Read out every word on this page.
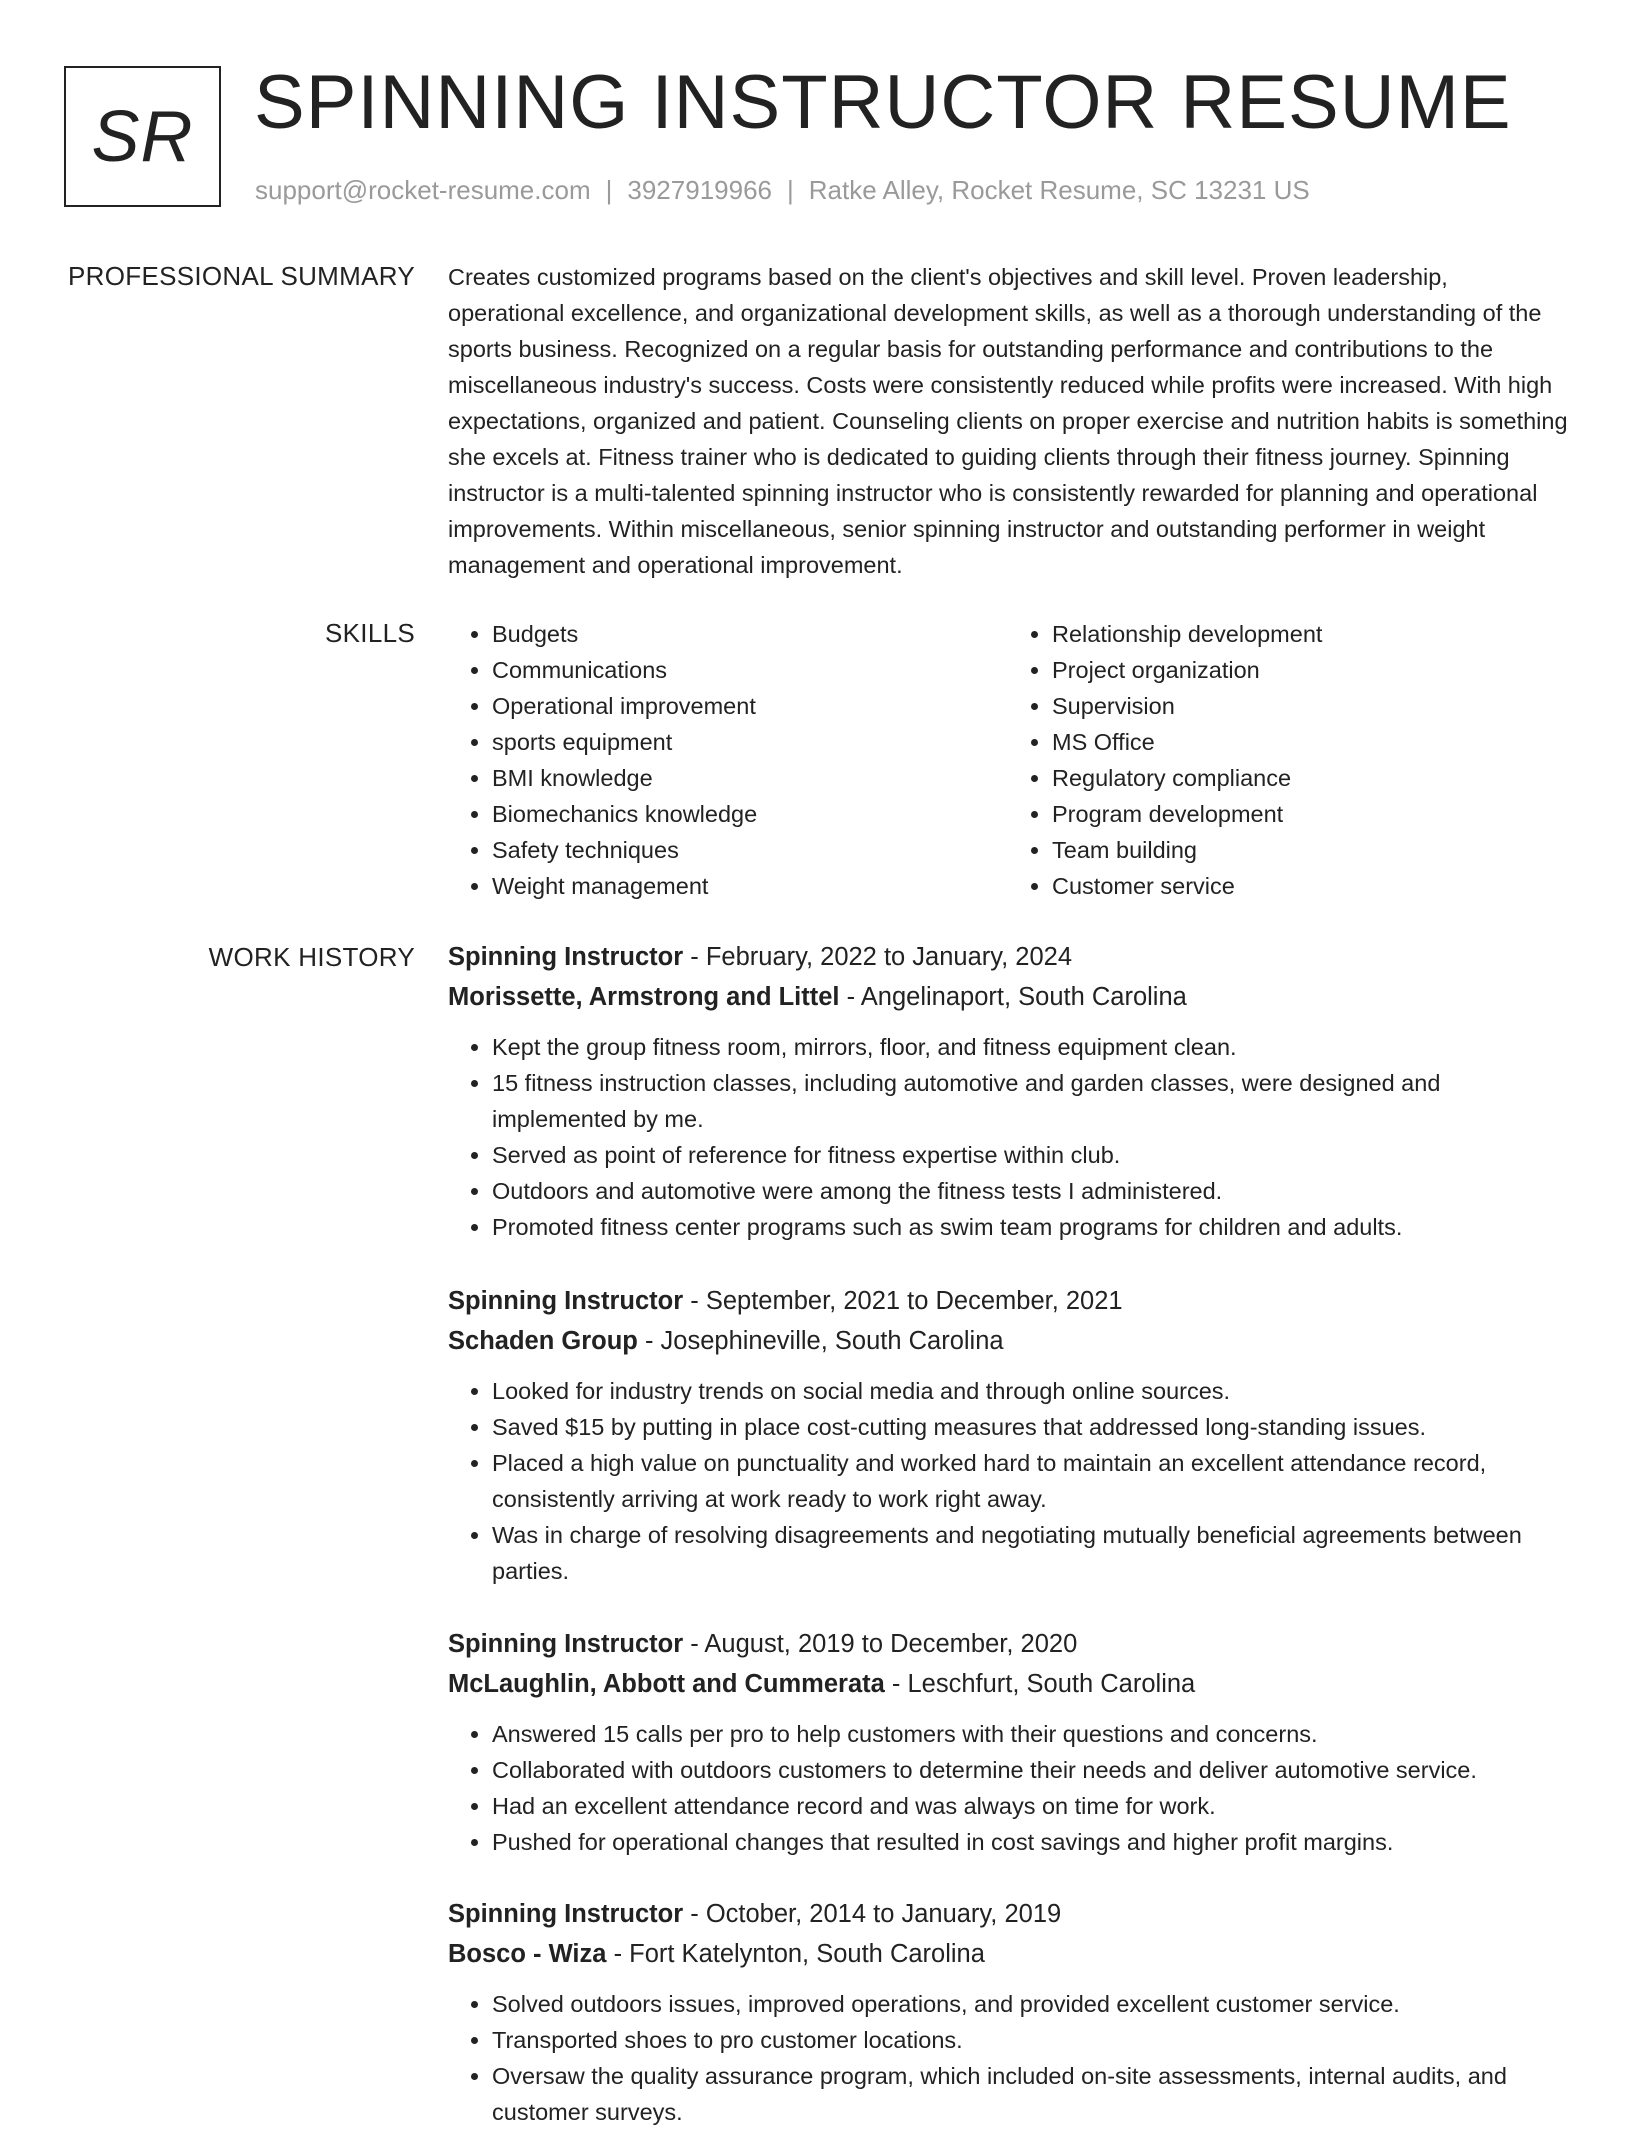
SR SPINNING INSTRUCTOR RESUME
support@rocket-resume.com | 3927919966 | Ratke Alley, Rocket Resume, SC 13231 US
PROFESSIONAL SUMMARY Creates customized programs based on the client's objectives and skill level. Proven leadership, operational excellence, and organizational development skills, as well as a thorough understanding of the sports business. Recognized on a regular basis for outstanding performance and contributions to the miscellaneous industry's success. Costs were consistently reduced while profits were increased. With high expectations, organized and patient. Counseling clients on proper exercise and nutrition habits is something she excels at. Fitness trainer who is dedicated to guiding clients through their fitness journey. Spinning instructor is a multi-talented spinning instructor who is consistently rewarded for planning and operational improvements. Within miscellaneous, senior spinning instructor and outstanding performer in weight management and operational improvement.

SKILLS
•	Budgets
• Communications
• Operational improvement
• sports equipment
• BMI knowledge
• Biomechanics knowledge
• Safety techniques
• Weight management
• Relationship development
• Project organization
• Supervision
• MS Office
• Regulatory compliance
• Program development
• Team building
• Customer service
WORK HISTORY Spinning Instructor - February, 2022 to January, 2024
Morissette, Armstrong and Littel - Angelinaport, South Carolina
• Kept the group fitness room, mirrors, floor, and fitness equipment clean.
• 15 fitness instruction classes, including automotive and garden classes, were designed and implemented by me.
• Served as point of reference for fitness expertise within club.
• Outdoors and automotive were among the fitness tests I administered.
• Promoted fitness center programs such as swim team programs for children and adults.
Spinning Instructor - September, 2021 to December, 2021
Schaden Group - Josephineville, South Carolina
• Looked for industry trends on social media and through online sources.
• Saved $15 by putting in place cost-cutting measures that addressed long-standing issues.
• Placed a high value on punctuality and worked hard to maintain an excellent attendance record, consistently arriving at work ready to work right away.
• Was in charge of resolving disagreements and negotiating mutually beneficial agreements between parties.
Spinning Instructor - August, 2019 to December, 2020
McLaughlin, Abbott and Cummerata - Leschfurt, South Carolina
• Answered 15 calls per pro to help customers with their questions and concerns.
• Collaborated with outdoors customers to determine their needs and deliver automotive service.
• Had an excellent attendance record and was always on time for work.
• Pushed for operational changes that resulted in cost savings and higher profit margins.
Spinning Instructor - October, 2014 to January, 2019
Bosco - Wiza - Fort Katelynton, South Carolina
• Solved outdoors issues, improved operations, and provided excellent customer service.
• Transported shoes to pro customer locations.
• Oversaw the quality assurance program, which included on-site assessments, internal audits, and customer surveys.
